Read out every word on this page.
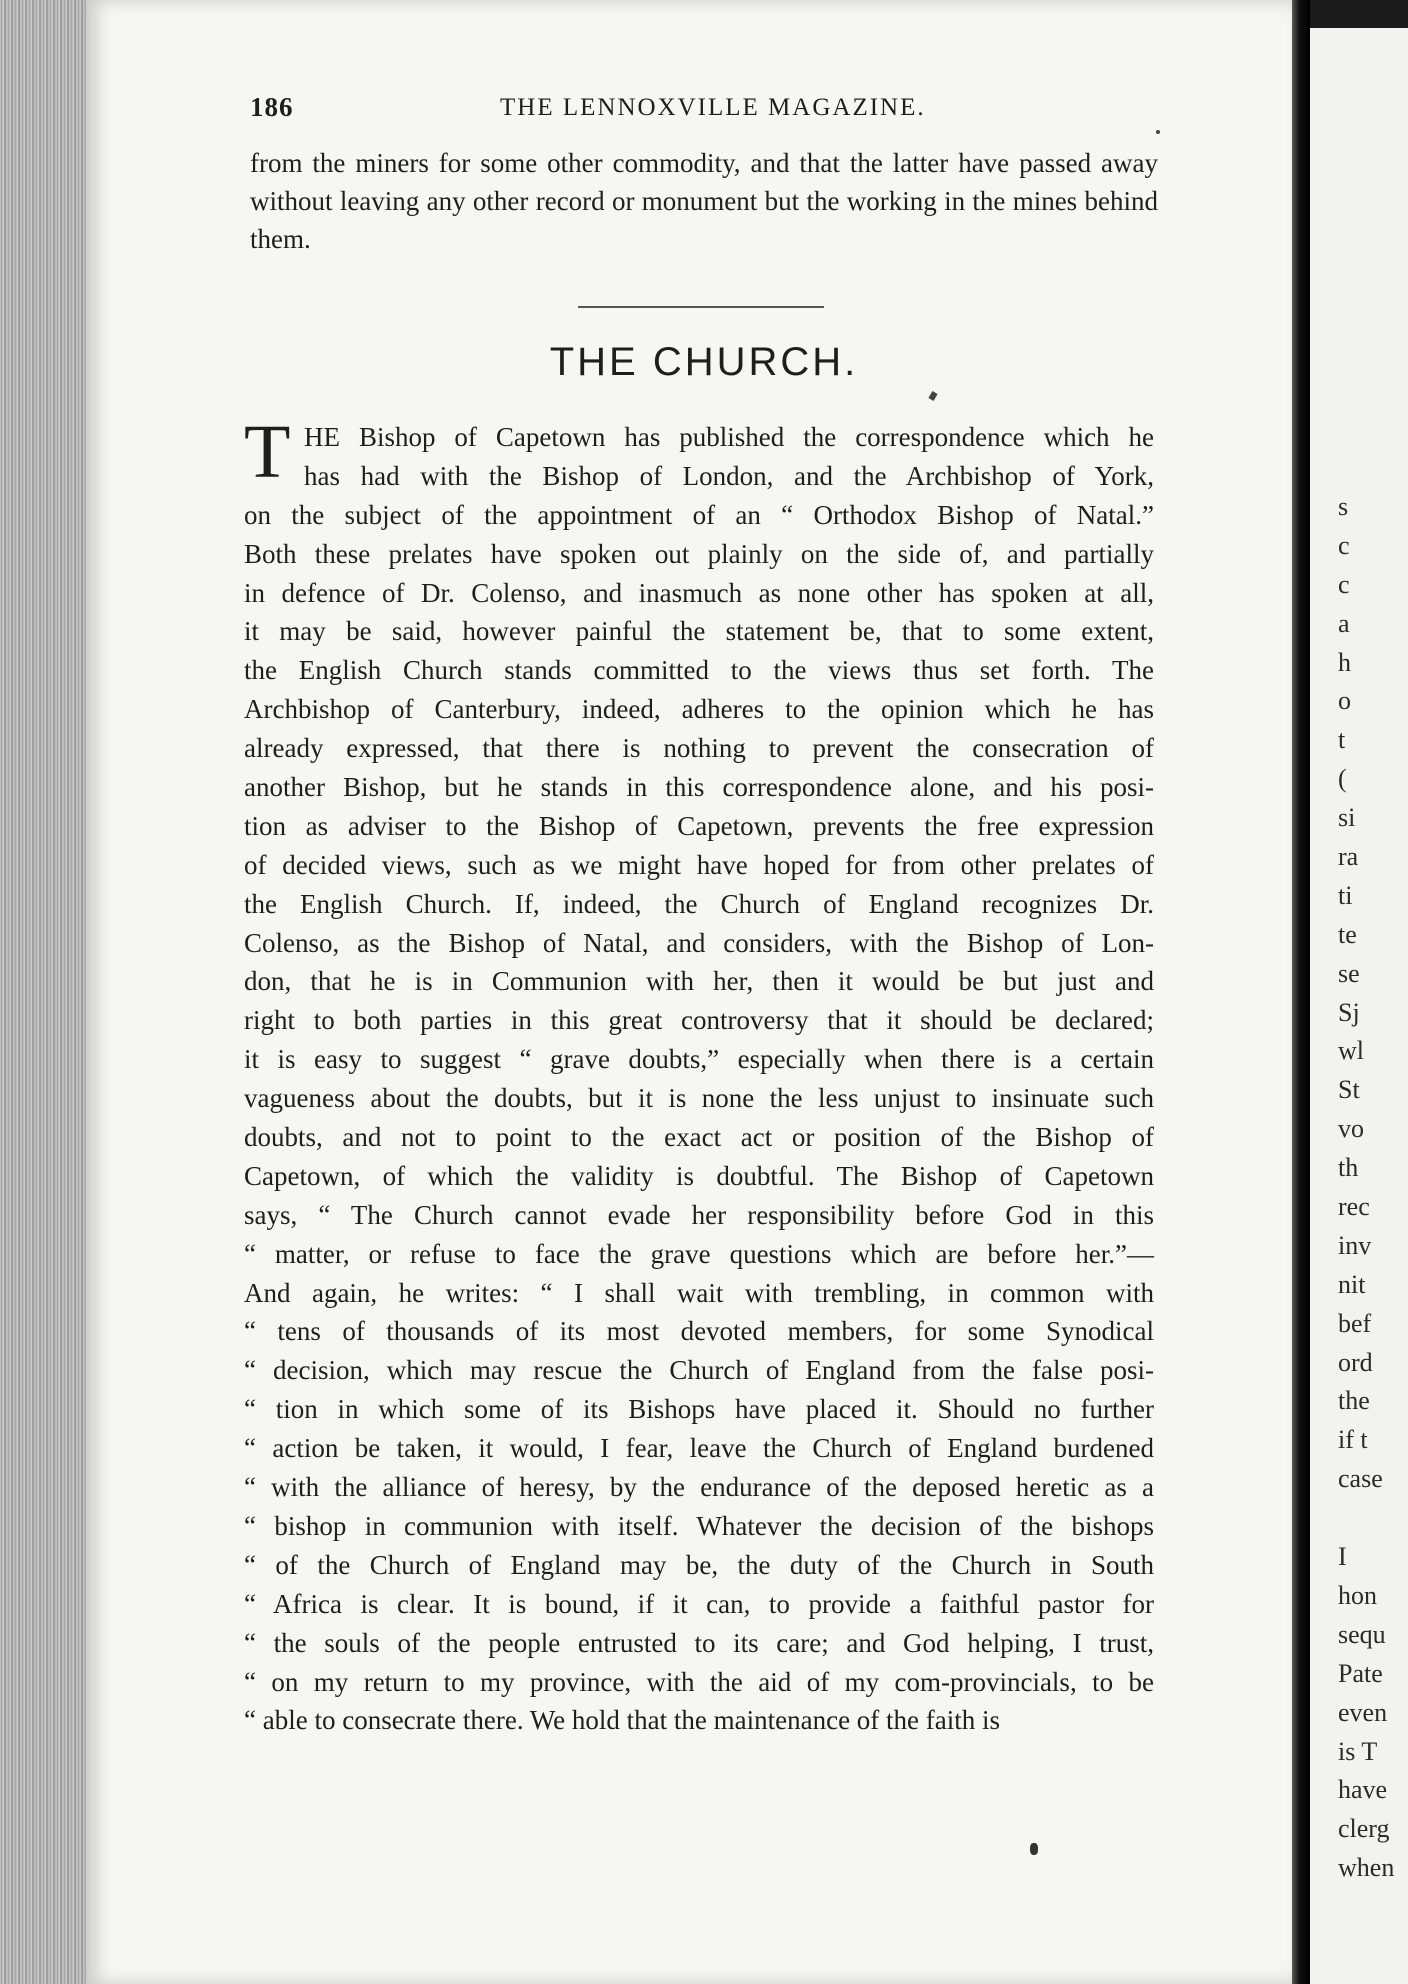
186	THE LENNOXVILLE MAGAZINE.
from the miners for some other commodity, and that the latter have passed away without leaving any other record or monument but the working in the mines behind them.
THE CHURCH.
T HE Bishop of Capetown has published the correspondence which he
has had with the Bishop of London, and the Archbishop of York,
on the subject of the appointment of an “ Orthodox Bishop of Natal.”
Both these prelates have spoken out plainly on the side of, and partially
in defence of Dr. Colenso, and inasmuch as none other has spoken at all,
it may be said, however painful the statement be, that to some extent,
the English Church stands committed to the views thus set forth. The
Archbishop of Canterbury, indeed, adheres to the opinion which he has
already expressed, that there is nothing to prevent the consecration of
another Bishop, but he stands in this correspondence alone, and his posi-
tion as adviser to the Bishop of Capetown, prevents the free expression
of decided views, such as we might have hoped for from other prelates of
the English Church. If, indeed, the Church of England recognizes Dr.
Colenso, as the Bishop of Natal, and considers, with the Bishop of Lon-
don, that he is in Communion with her, then it would be but just and
right to both parties in this great controversy that it should be declared;
it is easy to suggest “ grave doubts,” especially when there is a certain
vagueness about the doubts, but it is none the less unjust to insinuate such
doubts, and not to point to the exact act or position of the Bishop of
Capetown, of which the validity is doubtful. The Bishop of Capetown
says, “ The Church cannot evade her responsibility before God in this
“ matter, or refuse to face the grave questions which are before her.”—
And again, he writes: “ I shall wait with trembling, in common with
“ tens of thousands of its most devoted members, for some Synodical
“ decision, which may rescue the Church of England from the false posi-
“ tion in which some of its Bishops have placed it. Should no further
“ action be taken, it would, I fear, leave the Church of England burdened
“ with the alliance of heresy, by the endurance of the deposed heretic as a
“ bishop in communion with itself. Whatever the decision of the bishops
“ of the Church of England may be, the duty of the Church in South
“ Africa is clear. It is bound, if it can, to provide a faithful pastor for
“ the souls of the people entrusted to its care; and God helping, I trust,
“ on my return to my province, with the aid of my com-provincials, to be
“ able to consecrate there. We hold that the maintenance of the faith is
s
c
c
a
h
o
t
(
si
ra
ti
te
se
Sj
wl
St
vo
th
rec
inv
nit
bef
ord
the
if t
case
I
hon
sequ
Pate
even
is T
have
clerg
when
